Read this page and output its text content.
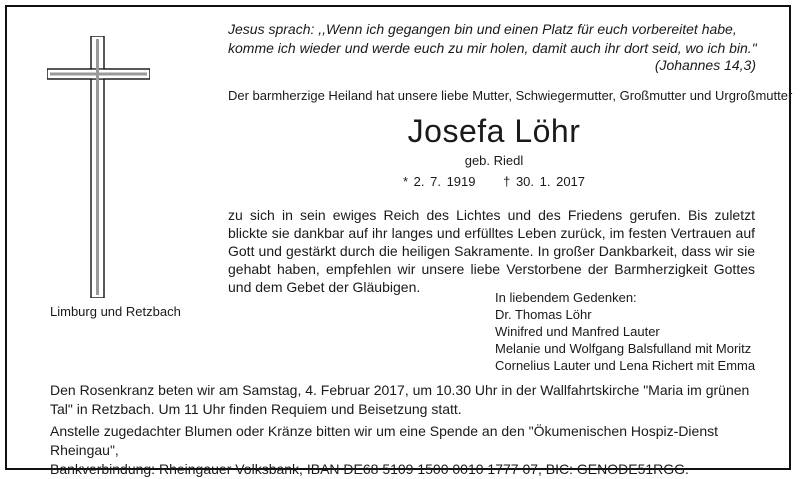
Jesus sprach: ,,Wenn ich gegangen bin und einen Platz für euch vorbereitet habe,
komme ich wieder und werde euch zu mir holen, damit auch ihr dort seid, wo ich bin."

(Johannes 14,3)

Der barmherzige Heiland hat unsere liebe Mutter, Schwiegermutter, Großmutter und Urgroßmutter

Josefa Löhr

geb. Riedl

* 2. 7. 1919 † 30. 1. 2017

zu sich in sein ewiges Reich des Lichtes und des Friedens gerufen. Bis zuletzt blickte sie dankbar auf ihr langes und erfülltes Leben zurück, im festen Vertrauen auf Gott und gestärkt durch die heiligen Sakramente. In großer Dankbarkeit, dass wir sie gehabt haben, empfehlen wir unsere liebe Verstorbene der Barmherzigkeit Gottes und dem Gebet der Gläubigen.

Limburg und Retzbach

In liebendem Gedenken:
Dr. Thomas Löhr
Winifred und Manfred Lauter
Melanie und Wolfgang Balsfulland mit Moritz
Cornelius Lauter und Lena Richert mit Emma

Den Rosenkranz beten wir am Samstag, 4. Februar 2017, um 10.30 Uhr in der Wallfahrtskirche "Maria im grünen Tal" in Retzbach. Um 11 Uhr finden Requiem und Beisetzung statt.

Anstelle zugedachter Blumen oder Kränze bitten wir um eine Spende an den "Ökumenischen Hospiz-Dienst Rheingau",
Bankverbindung: Rheingauer Volksbank, IBAN DE68 5109 1500 0010 1777 07, BIC: GENODE51RGG.
